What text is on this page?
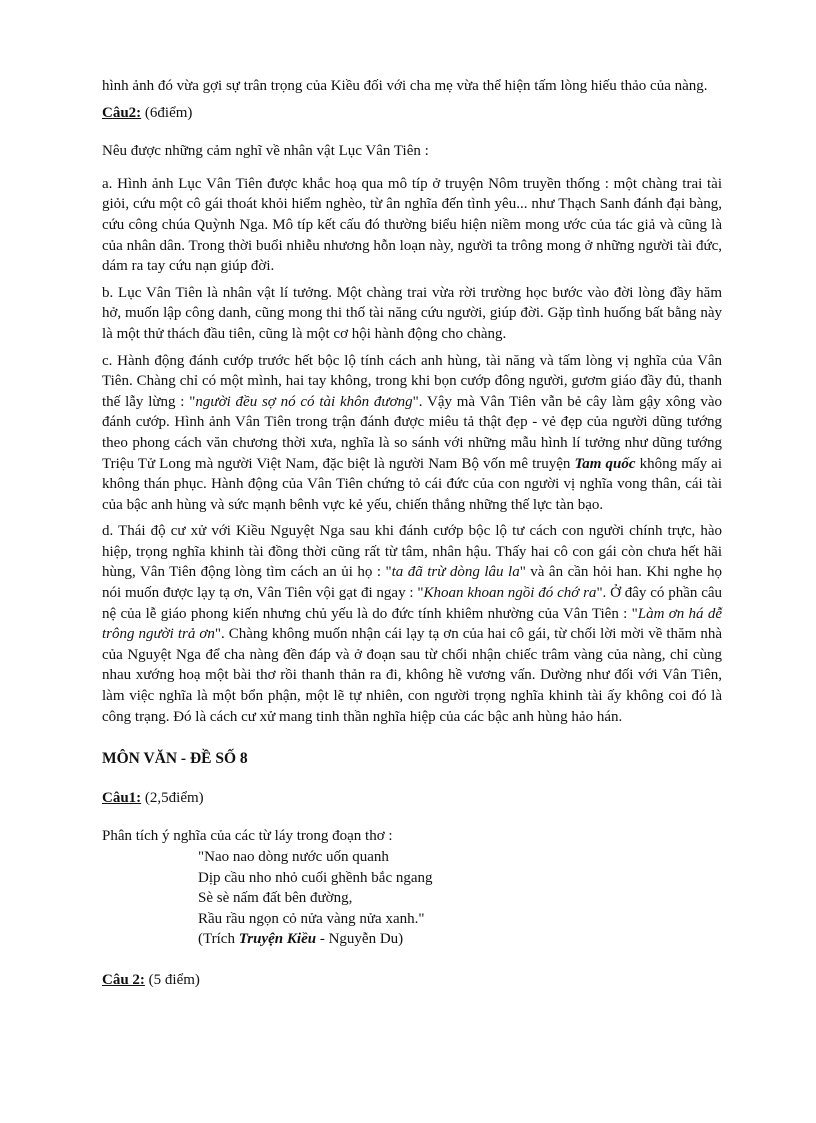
hình ảnh đó vừa gợi sự trân trọng của Kiều đối với cha mẹ vừa thể hiện tấm lòng hiếu thảo của nàng.

Câu2: (6điểm)

Nêu được những cảm nghĩ về nhân vật Lục Vân Tiên :

a. Hình ảnh Lục Vân Tiên được khắc hoạ qua mô típ ở truyện Nôm truyền thống : một chàng trai tài giỏi, cứu một cô gái thoát khỏi hiểm nghèo, từ ân nghĩa đến tình yêu... như Thạch Sanh đánh đại bàng, cứu công chúa Quỳnh Nga. Mô típ kết cấu đó thường biểu hiện niềm mong ước của tác giả và cũng là của nhân dân. Trong thời buổi nhiễu nhương hỗn loạn này, người ta trông mong ở những người tài đức, dám ra tay cứu nạn giúp đời.

b. Lục Vân Tiên là nhân vật lí tưởng. Một chàng trai vừa rời trường học bước vào đời lòng đầy hăm hở, muốn lập công danh, cũng mong thi thố tài năng cứu người, giúp đời. Gặp tình huống bất bằng này là một thử thách đầu tiên, cũng là một cơ hội hành động cho chàng.

c. Hành động đánh cướp trước hết bộc lộ tính cách anh hùng, tài năng và tấm lòng vị nghĩa của Vân Tiên. Chàng chỉ có một mình, hai tay không, trong khi bọn cướp đông người, gươm giáo đầy đủ, thanh thế lẫy lừng : "người đều sợ nó có tài khôn đương". Vậy mà Vân Tiên vẫn bẻ cây làm gậy xông vào đánh cướp. Hình ảnh Vân Tiên trong trận đánh được miêu tả thật đẹp - vẻ đẹp của người dũng tướng theo phong cách văn chương thời xưa, nghĩa là so sánh với những mẫu hình lí tưởng như dũng tướng Triệu Tử Long mà người Việt Nam, đặc biệt là người Nam Bộ vốn mê truyện Tam quốc không mấy ai không thán phục. Hành động của Vân Tiên chứng tỏ cái đức của con người vị nghĩa vong thân, cái tài của bậc anh hùng và sức mạnh bênh vực kẻ yếu, chiến thắng những thế lực tàn bạo.

d. Thái độ cư xử với Kiều Nguyệt Nga sau khi đánh cướp bộc lộ tư cách con người chính trực, hào hiệp, trọng nghĩa khinh tài đồng thời cũng rất từ tâm, nhân hậu. Thấy hai cô con gái còn chưa hết hãi hùng, Vân Tiên động lòng tìm cách an ủi họ : "ta đã trừ dòng lâu la" và ân cần hỏi han. Khi nghe họ nói muốn được lạy tạ ơn, Vân Tiên vội gạt đi ngay : "Khoan khoan ngồi đó chớ ra". Ở đây có phần câu nệ của lễ giáo phong kiến nhưng chủ yếu là do đức tính khiêm nhường của Vân Tiên : "Làm ơn há dễ trông người trả ơn". Chàng không muốn nhận cái lạy tạ ơn của hai cô gái, từ chối lời mời về thăm nhà của Nguyệt Nga để cha nàng đền đáp và ở đoạn sau từ chối nhận chiếc trâm vàng của nàng, chỉ cùng nhau xướng hoạ một bài thơ rồi thanh thản ra đi, không hề vương vấn. Dường như đối với Vân Tiên, làm việc nghĩa là một bổn phận, một lẽ tự nhiên, con người trọng nghĩa khinh tài ấy không coi đó là công trạng. Đó là cách cư xử mang tinh thần nghĩa hiệp của các bậc anh hùng hảo hán.

MÔN VĂN - ĐỀ SỐ 8

Câu1: (2,5điểm)

Phân tích ý nghĩa của các từ láy trong đoạn thơ :

"Nao nao dòng nước uốn quanh

Dịp cầu nho nhỏ cuối ghềnh bắc ngang

Sè sè nấm đất bên đường,

Rầu rầu ngọn cỏ nửa vàng nửa xanh."

(Trích Truyện Kiều - Nguyễn Du)

Câu 2: (5 điểm)
